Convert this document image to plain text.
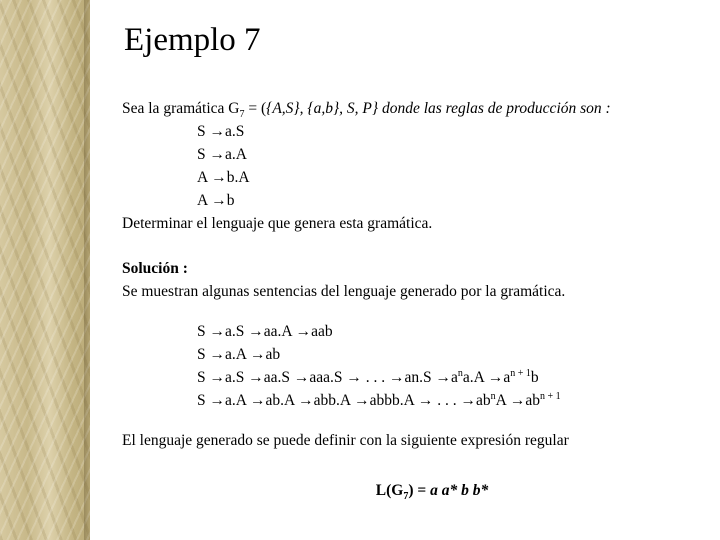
Ejemplo 7
Sea la gramática $G_7 = (\{A,S\}$, {a,b}, S, P} donde las reglas de producción son :
S →a.S
S →a.A
A →b.A
A →b
Determinar el lenguaje que genera esta gramática.
Solución :
Se muestran algunas sentencias del lenguaje generado por la gramática.
S →a.S →aa.A →aab
S →a.A →ab
S →a.S →aa.S →aaa.S → . . . $\to an.S \to a^na.A \to a^{n + 1}b$
S →a.A →ab.A →abb.A →abbb.A → . . . $\to ab^nA \to ab^{n + 1}$
El lenguaje generado se puede definir con la siguiente expresión regular
$L(G_7) = a$ a* b b*
